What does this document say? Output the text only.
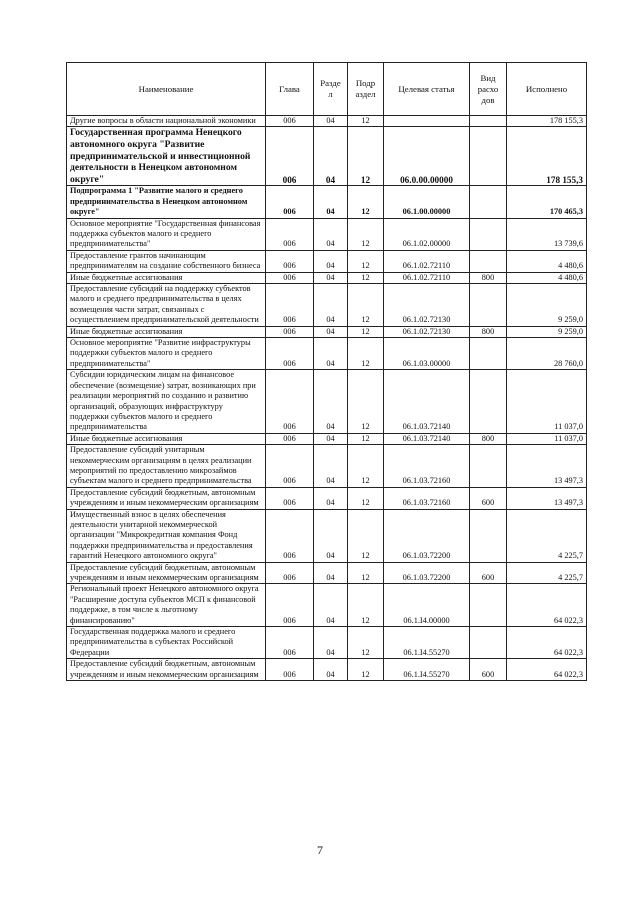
Наименование	Глава	Разде л	Подр аздел	Целевая статья	Вид расхо дов	Исполнено
Другие вопросы в области национальной экономики	006	04	12			178 155,3
Государственная программа Ненецкого автономного округа "Развитие предпринимательской и инвестиционной деятельности в Ненецком автономном округе"	006	04	12	06.0.00.00000		178 155,3
Подпрограмма 1 "Развитие малого и среднего предпринимательства в Ненецком автономном округе"	006	04	12	06.1.00.00000		170 465,3
Основное мероприятие "Государственная финансовая поддержка субъектов малого и среднего предпринимательства"	006	04	12	06.1.02.00000		13 739,6
Предоставление грантов начинающим предпринимателям на создание собственного бизнеса	006	04	12	06.1.02.72110		4 480,6
Иные бюджетные ассигнования	006	04	12	06.1.02.72110	800	4 480,6
Предоставление субсидий на поддержку субъектов малого и среднего предпринимательства в целях возмещения части затрат, связанных с осуществлением предпринимательской деятельности	006	04	12	06.1.02.72130		9 259,0
Иные бюджетные ассигнования	006	04	12	06.1.02.72130	800	9 259,0
Основное мероприятие "Развитие инфраструктуры поддержки субъектов малого и среднего предпринимательства"	006	04	12	06.1.03.00000		28 760,0
Субсидии юридическим лицам на финансовое обеспечение (возмещение) затрат, возникающих при реализации мероприятий по созданию и развитию организаций, образующих инфраструктуру поддержки субъектов малого и среднего предпринимательства	006	04	12	06.1.03.72140		11 037,0
Иные бюджетные ассигнования	006	04	12	06.1.03.72140	800	11 037,0
Предоставление субсидий унитарным некоммерческим организациям в целях реализации мероприятий по предоставлению микрозаймов субъектам малого и среднего предпринимательства	006	04	12	06.1.03.72160		13 497,3
Предоставление субсидий бюджетным, автономным учреждениям и иным некоммерческим организациям	006	04	12	06.1.03.72160	600	13 497,3
Имущественный взнос в целях обеспечения деятельности унитарной некоммерческой организации "Микрокредитная компания Фонд поддержки предпринимательства и предоставления гарантий Ненецкого автономного округа"	006	04	12	06.1.03.72200		4 225,7
Предоставление субсидий бюджетным, автономным учреждениям и иным некоммерческим организациям	006	04	12	06.1.03.72200	600	4 225,7
Региональный проект Ненецкого автономного округа "Расширение доступа субъектов МСП к финансовой поддержке, в том числе к льготному финансированию"	006	04	12	06.1.I4.00000		64 022,3
Государственная поддержка малого и среднего предпринимательства в субъектах Российской Федерации	006	04	12	06.1.I4.55270		64 022,3
Предоставление субсидий бюджетным, автономным учреждениям и иным некоммерческим организациям	006	04	12	06.1.I4.55270	600	64 022,3
7
